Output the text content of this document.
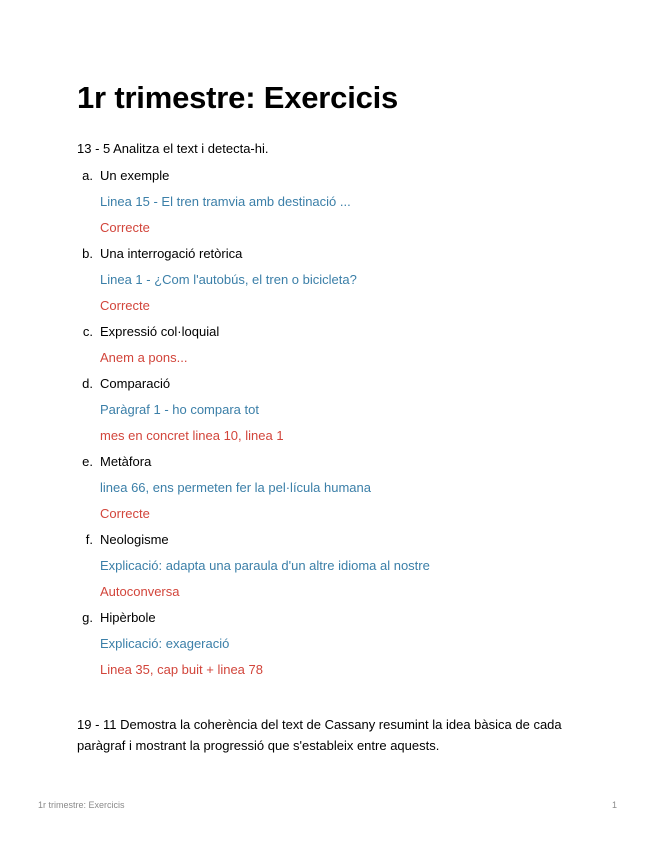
1r trimestre: Exercicis
13 - 5 Analitza el text i detecta-hi.
a. Un exemple
Linea 15 - El tren tramvia amb destinació ...
Correcte
b. Una interrogació retòrica
Linea 1 - ¿Com l'autobús, el tren o bicicleta?
Correcte
c. Expressió col·loquial
Anem a pons...
d. Comparació
Paràgraf 1 - ho compara tot
mes en concret linea 10, linea 1
e. Metàfora
linea 66, ens permeten fer la pel·lícula humana
Correcte
f. Neologisme
Explicació: adapta una paraula d'un altre idioma al nostre
Autoconversa
g. Hipèrbole
Explicació: exageració
Linea 35, cap buit + linea 78
19 - 11 Demostra la coherència del text de Cassany resumint la idea bàsica de cada paràgraf i mostrant la progressió que s'estableix entre aquests.
1r trimestre: Exercicis	1
